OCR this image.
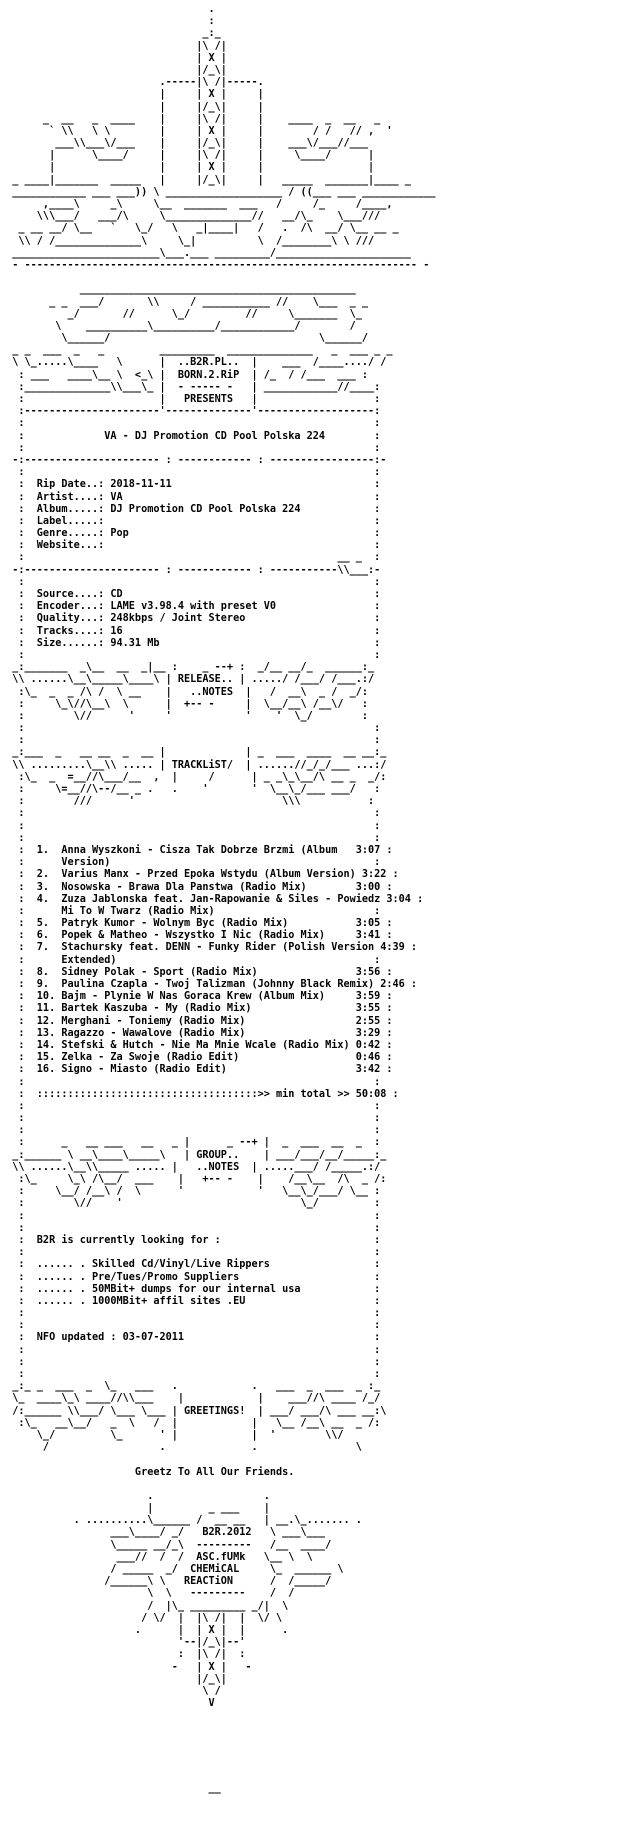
.
:
_:_
|\ /|
| X |
|/_\|
.-----|\ /|-----.
|     | X |     |
|     |/_\|     |
_  __   _  ____    |     |\ /|     |    ____  _  __   _
` \\   \ \        |     | X |     |        / /   // ,  '
___\\___\/___    |     |/_\|     |    ___\/___//___
|      \____/     |     |\ /|     |     \____/      |
|                 |     | X |     |                 |
_ ____|_______  _____   |     |/_\|     |   _____  _______|____ _
____________ ___ ___)) \ ___________________ / ((___ ___ ____________
,____\     _\     \__  _______  ___   /     /_     /____,
\\\___/   ___/\     \______________//   __/\_    \___///
_ __ __/ \__   `   \_/   \   _|____|   /   .  /\  __/ \__ __ _
\\ / /______________\     \_|          \  /________\ \ ///
________________________\___.___ _________/______________________
- ---------------------------------------------------------------- -
_____________________________________________
_ _  ___/       \\     / ___________ //    \___  _ _
_/       //      \_/         //     \_______  \_
\    __________\__________/____________/        /
\______/                                  \______/
_ _  ___  _   _         _________  ______________   _  ___ _ _
\ \_.....\____   \      |  ..B2R.PL..  |    ___  /____..../ /
: ___   ____\__ \  <_\ |  BORN.2.RiP  | /_  / /___  ___ :
:______________\\___\_ |  - ----- -   | ____________//____:
:                      |   PRESENTS   |                   :
:----------------------'--------------'-------------------:
:                                                         :
:             VA - DJ Promotion CD Pool Polska 224        :
:                                                         :
-:---------------------- : ------------ : -----------------:-
:                                                         :
:  Rip Date..: 2018-11-11                                 :
:  Artist....: VA                                         :
:  Album.....: DJ Promotion CD Pool Polska 224            :
:  Label.....:                                            :
:  Genre.....: Pop                                        :
:  Website...:                                            :
:                                                   __ _  :
-:---------------------- : ------------ : -----------\\___:-
:                                                         :
:  Source....: CD                                         :
:  Encoder...: LAME v3.98.4 with preset V0                :
:  Quality...: 248kbps / Joint Stereo                     :
:  Tracks....: 16                                         :
:  Size......: 94.31 Mb                                   :
:                                                         :
_:_______  _\__  __  _|__ :    _ --+ :  _/__ __/_  ______:_
\\ ......\__\_____\____\ | RELEASE.. | ...../ /___/ /___.:/
:\_  _  _ /\ /  \ __    |   ..NOTES  |   /  __\  _ /  _/:
:     \_\//\__\  \      |  +-- -     |  \__/__\ /__\/   :
:        \//      '     '            '    '  \_/        :
:                                                         :
:                                                         :
_:___  _   __ __  _  __ |             | _  ___  ____  __ __:_
\\ .........\__\\ ..... | TRACKLiST/  | ......//_/_/___ ...:/
:\_  _  =__//\___/__  ,  |     /      | _ _\_\__/\ __ _  _/:
:     \=__//\--/__ _ .   .    '       '  \__\_/___ ___/   :
:        ///      '                        \\\           :
:                                                         :
:                                                         :
:                                                         :
:  1.  Anna Wyszkoni - Cisza Tak Dobrze Brzmi (Album   3:07 :
:      Version)                                           :
:  2.  Varius Manx - Przed Epoka Wstydu (Album Version) 3:22 :
:  3.  Nosowska - Brawa Dla Panstwa (Radio Mix)        3:00 :
:  4.  Zuza Jablonska feat. Jan-Rapowanie & Siles - Powiedz 3:04 :
:      Mi To W Twarz (Radio Mix)                          :
:  5.  Patryk Kumor - Wolnym Byc (Radio Mix)           3:05 :
:  6.  Popek & Matheo - Wszystko I Nic (Radio Mix)     3:41 :
:  7.  Stachursky feat. DENN - Funky Rider (Polish Version 4:39 :
:      Extended)                                          :
:  8.  Sidney Polak - Sport (Radio Mix)                3:56 :
:  9.  Paulina Czapla - Twoj Talizman (Johnny Black Remix) 2:46 :
:  10. Bajm - Plynie W Nas Goraca Krew (Album Mix)     3:59 :
:  11. Bartek Kaszuba - My (Radio Mix)                 3:55 :
:  12. Merghani - Toniemy (Radio Mix)                  2:55 :
:  13. Ragazzo - Wawalove (Radio Mix)                  3:29 :
:  14. Stefski & Hutch - Nie Ma Mnie Wcale (Radio Mix) 0:42 :
:  15. Zelka - Za Swoje (Radio Edit)                   0:46 :
:  16. Signo - Miasto (Radio Edit)                     3:42 :
:                                                         :
:  ::::::::::::::::::::::::::::::::::::>> min total >> 50:08 :
:                                                         :
:                                                         :
:                                                         :
:      _   __ ___   __   _ |      _ --+ |  _  ___  __  _  :
_:______ \ __\____\_____\   | GROUP..    | ___/___/__/_____:_
\\ ......\__\\_____ ..... |   ..NOTES  | .....___/ /_____.:/
:\_     \_\ /\__/  ___    |   +-- -    |    /__\__  /\  _ /:
:     \__/ /__\ /  \      '            '   \__\_/___/ \__ :
:        \//    '                             \_/         :
:                                                         :
:                                                         :
:  B2R is currently looking for :                         :
:                                                         :
:  ...... . Skilled Cd/Vinyl/Live Rippers                 :
:  ...... . Pre/Tues/Promo Suppliers                      :
:  ...... . 50MBit+ dumps for our internal usa            :
:  ...... . 1000MBit+ affil sites .EU                     :
:                                                         :
:                                                         :
:  NFO updated : 03-07-2011                               :
:                                                         :
:                                                         :
:                                                         :
_:_ _  ___  _  \_   ___   .            .   ___  _  ___  _ :_
\_  ____\_\ ____//\\___    |            |    ___//\ ____ /_/
/:______ \\___/ \___ \___ | GREETINGS!  | ___/ ___/\ ___ __:\
:\_   __\__/   _  \   /  |            |   \__ /__\ __  _ /:
\_/         \_      ' |            |  '        \\/
/                  .              .                \
Greetz To All Our Friends.
.                  .
|         _ ___    |
. ..........\______ /  __ __   | __.\_....... .
___\____/ _/   B2R.2012   \ ___\___
\_____ __/_\  ---------   /__  ____/
___//  /  /  ASC.fUMk   \__ \  \
/ _____  _/  CHEMiCAL     \_  ______ \
/______\ \   REACTiON      /  /_____/
\  \   ---------    /  /
/  |\_ _________ _/|  \
/ \/  |  |\ /|  |  \/ \
.      |  | X |  |      .
'--|/_\|--'
:  |\ /|  :
-   | X |   -
|/_\|
\ /
V
__
